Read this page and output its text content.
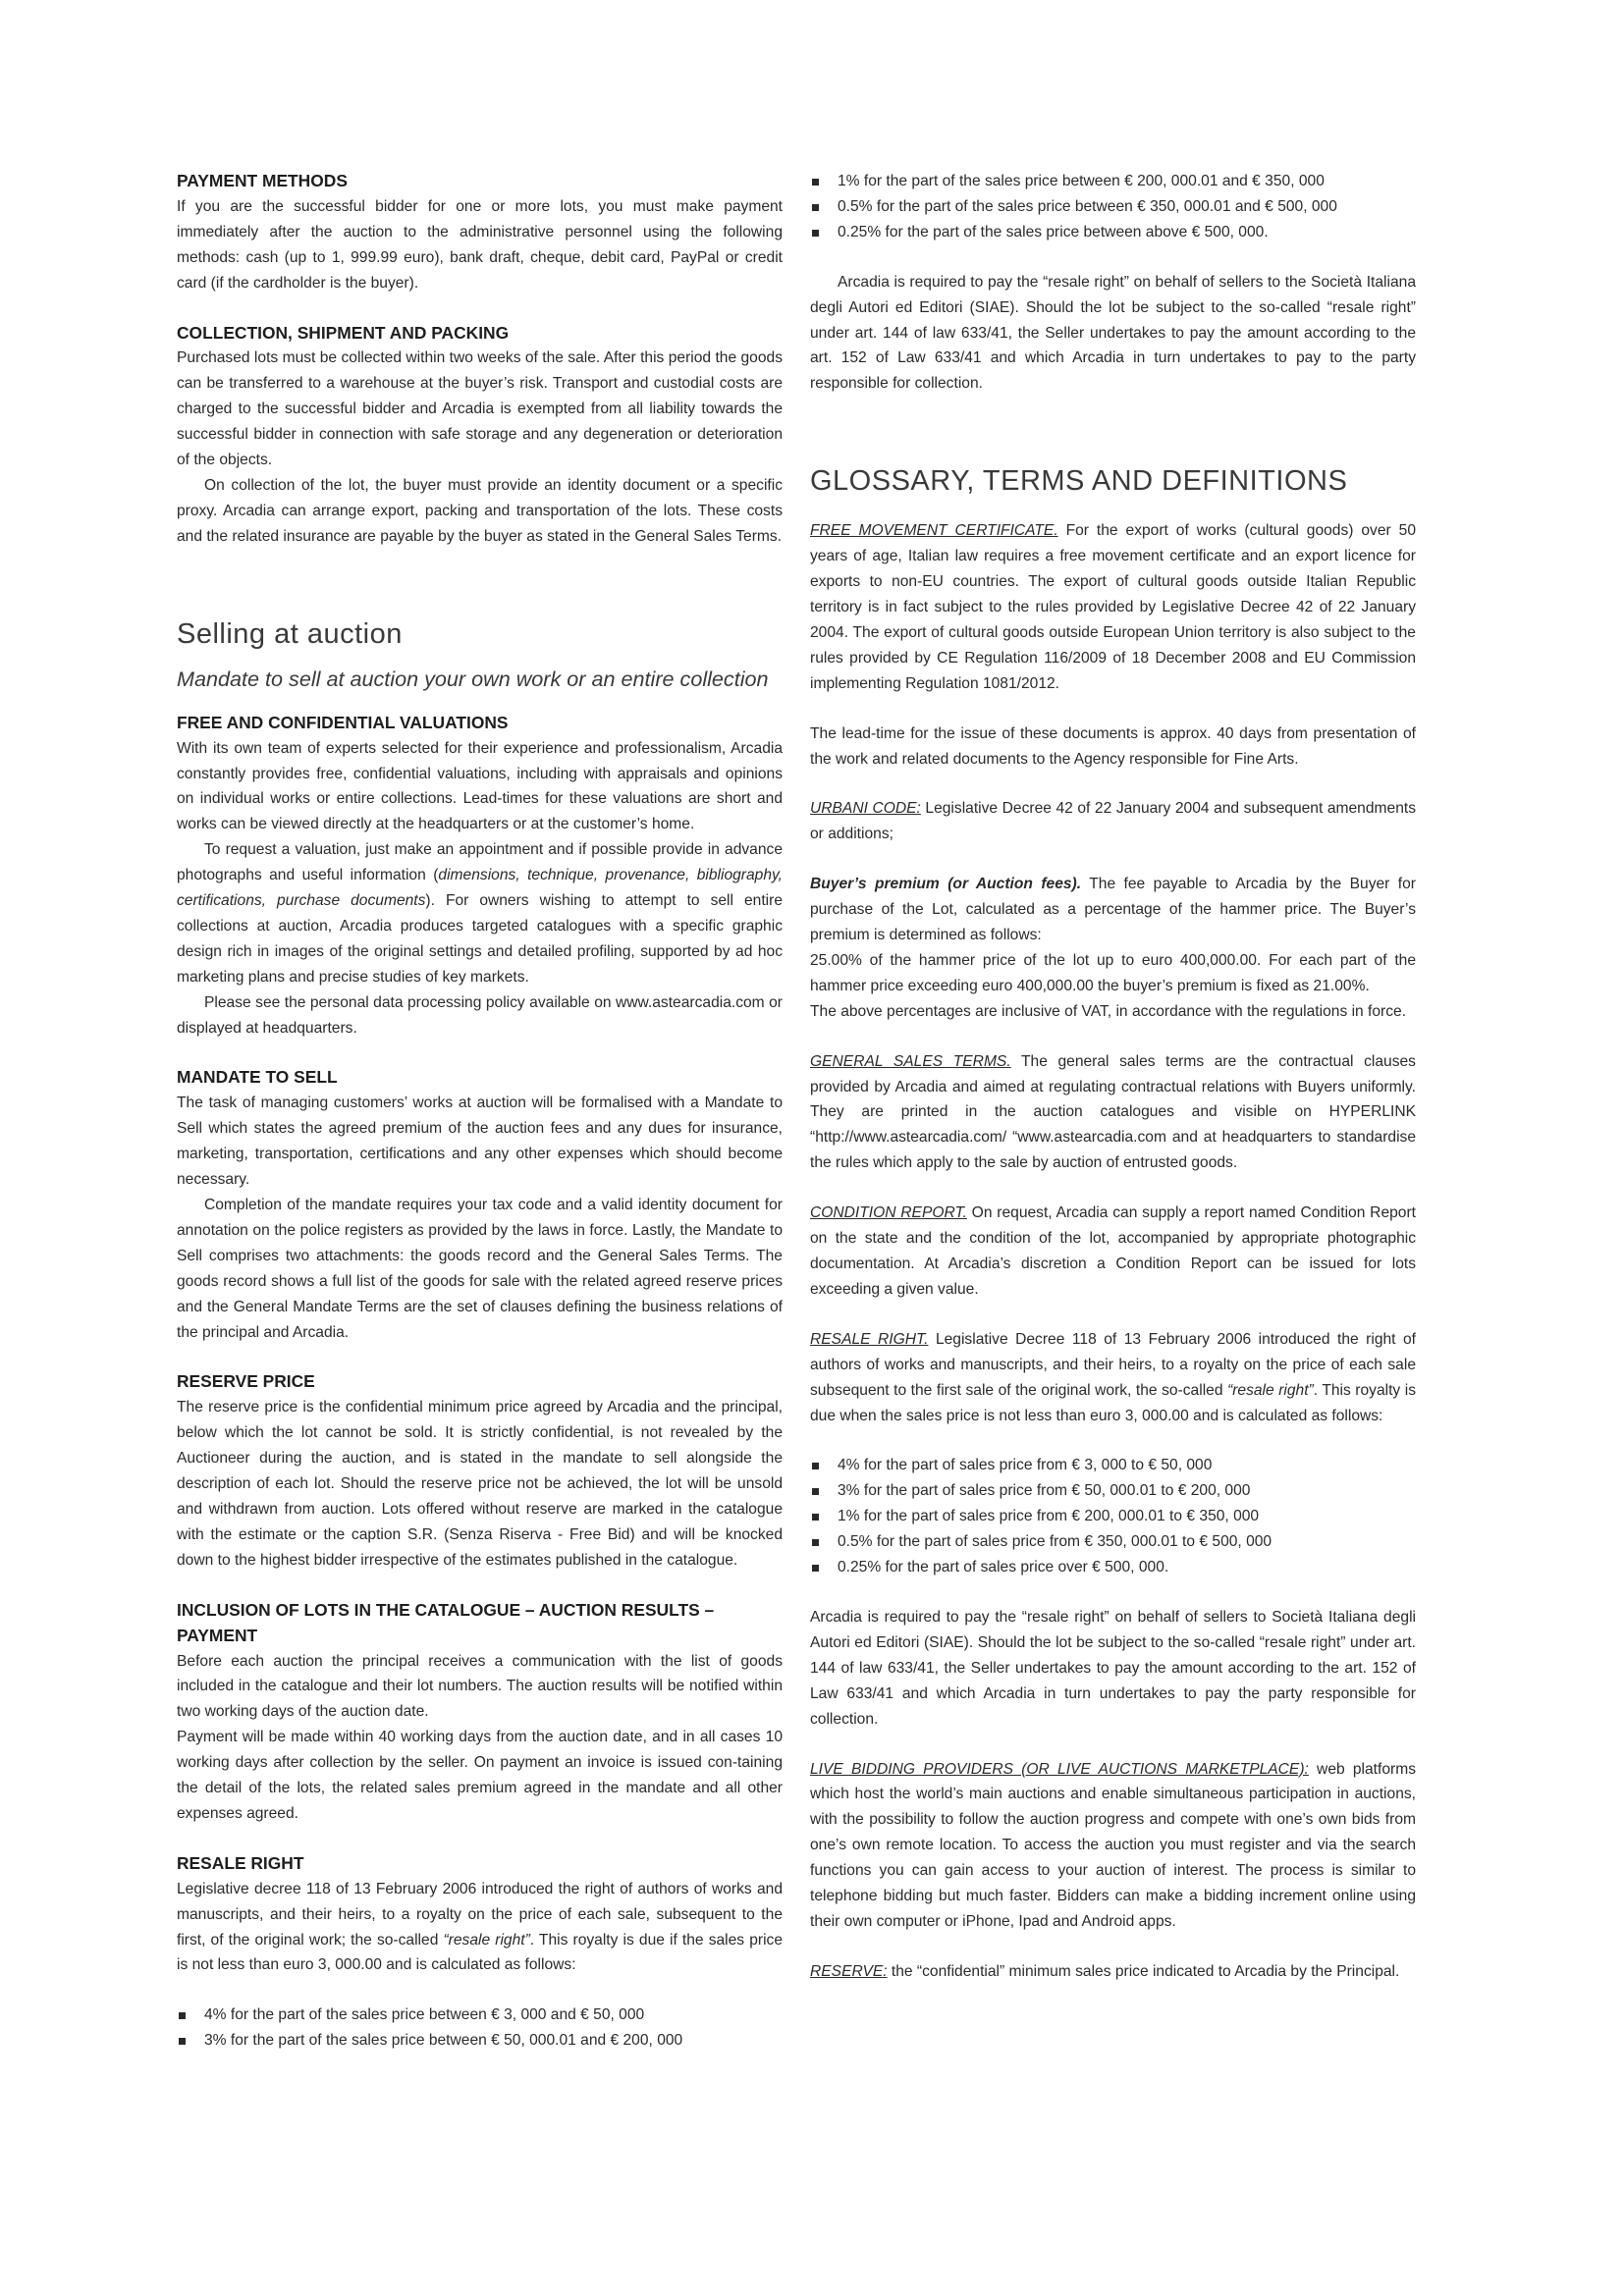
PAYMENT METHODS

If you are the successful bidder for one or more lots, you must make payment immediately after the auction to the administrative personnel using the following methods: cash (up to 1, 999.99 euro), bank draft, cheque, debit card, PayPal or credit card (if the cardholder is the buyer).

COLLECTION, SHIPMENT AND PACKING

Purchased lots must be collected within two weeks of the sale. After this period the goods can be transferred to a warehouse at the buyer’s risk. Transport and custodial costs are charged to the successful bidder and Arcadia is exempted from all liability towards the successful bidder in connection with safe storage and any degeneration or deterioration of the objects.

On collection of the lot, the buyer must provide an identity document or a specific proxy. Arcadia can arrange export, packing and transportation of the lots. These costs and the related insurance are payable by the buyer as stated in the General Sales Terms.

Selling at auction

Mandate to sell at auction your own work or an entire collection

FREE AND CONFIDENTIAL VALUATIONS

With its own team of experts selected for their experience and professionalism, Arcadia constantly provides free, confidential valuations, including with appraisals and opinions on individual works or entire collections. Lead-times for these valuations are short and works can be viewed directly at the headquarters or at the customer’s home.

To request a valuation, just make an appointment and if possible provide in advance photographs and useful information (dimensions, technique, provenance, bibliography, certifications, purchase documents). For owners wishing to attempt to sell entire collections at auction, Arcadia produces targeted catalogues with a specific graphic design rich in images of the original settings and detailed profiling, supported by ad hoc marketing plans and precise studies of key markets.

Please see the personal data processing policy available on www.astearcadia.com or displayed at headquarters.

MANDATE TO SELL

The task of managing customers’ works at auction will be formalised with a Mandate to Sell which states the agreed premium of the auction fees and any dues for insurance, marketing, transportation, certifications and any other expenses which should become necessary.

Completion of the mandate requires your tax code and a valid identity document for annotation on the police registers as provided by the laws in force. Lastly, the Mandate to Sell comprises two attachments: the goods record and the General Sales Terms. The goods record shows a full list of the goods for sale with the related agreed reserve prices and the General Mandate Terms are the set of clauses defining the business relations of the principal and Arcadia.

RESERVE PRICE

The reserve price is the confidential minimum price agreed by Arcadia and the principal, below which the lot cannot be sold. It is strictly confidential, is not revealed by the Auctioneer during the auction, and is stated in the mandate to sell alongside the description of each lot. Should the reserve price not be achieved, the lot will be unsold and withdrawn from auction. Lots offered without reserve are marked in the catalogue with the estimate or the caption S.R. (Senza Riserva - Free Bid) and will be knocked down to the highest bidder irrespective of the estimates published in the catalogue.

INCLUSION OF LOTS IN THE CATALOGUE – AUCTION RESULTS – PAYMENT

Before each auction the principal receives a communication with the list of goods included in the catalogue and their lot numbers. The auction results will be notified within two working days of the auction date.

Payment will be made within 40 working days from the auction date, and in all cases 10 working days after collection by the seller. On payment an invoice is issued con-taining the detail of the lots, the related sales premium agreed in the mandate and all other expenses agreed.

RESALE RIGHT

Legislative decree 118 of 13 February 2006 introduced the right of authors of works and manuscripts, and their heirs, to a royalty on the price of each sale, subsequent to the first, of the original work; the so-called “resale right”. This royalty is due if the sales price is not less than euro 3, 000.00 and is calculated as follows:

4% for the part of the sales price between € 3, 000 and € 50, 000
3% for the part of the sales price between € 50, 000.01 and € 200, 000
1% for the part of the sales price between € 200, 000.01 and € 350, 000
0.5% for the part of the sales price between € 350, 000.01 and € 500, 000
0.25% for the part of the sales price between above € 500, 000.

Arcadia is required to pay the “resale right” on behalf of sellers to the Società Italiana degli Autori ed Editori (SIAE). Should the lot be subject to the so-called “resale right” under art. 144 of law 633/41, the Seller undertakes to pay the amount according to the art. 152 of Law 633/41 and which Arcadia in turn undertakes to pay to the party responsible for collection.

GLOSSARY, TERMS AND DEFINITIONS

FREE MOVEMENT CERTIFICATE. For the export of works (cultural goods) over 50 years of age, Italian law requires a free movement certificate and an export licence for exports to non-EU countries. The export of cultural goods outside Italian Republic territory is in fact subject to the rules provided by Legislative Decree 42 of 22 January 2004. The export of cultural goods outside European Union territory is also subject to the rules provided by CE Regulation 116/2009 of 18 December 2008 and EU Commission implementing Regulation 1081/2012.

The lead-time for the issue of these documents is approx. 40 days from presentation of the work and related documents to the Agency responsible for Fine Arts.

URBANI CODE: Legislative Decree 42 of 22 January 2004 and subsequent amendments or additions;

Buyer’s premium (or Auction fees). The fee payable to Arcadia by the Buyer for purchase of the Lot, calculated as a percentage of the hammer price. The Buyer’s premium is determined as follows:

25.00% of the hammer price of the lot up to euro 400,000.00. For each part of the hammer price exceeding euro 400,000.00 the buyer’s premium is fixed as 21.00%.

The above percentages are inclusive of VAT, in accordance with the regulations in force.

GENERAL SALES TERMS. The general sales terms are the contractual clauses provided by Arcadia and aimed at regulating contractual relations with Buyers uniformly. They are printed in the auction catalogues and visible on HYPERLINK “http://www.astearcadia.com/ “www.astearcadia.com and at headquarters to standardise the rules which apply to the sale by auction of entrusted goods.

CONDITION REPORT. On request, Arcadia can supply a report named Condition Report on the state and the condition of the lot, accompanied by appropriate photographic documentation. At Arcadia’s discretion a Condition Report can be issued for lots exceeding a given value.

RESALE RIGHT. Legislative Decree 118 of 13 February 2006 introduced the right of authors of works and manuscripts, and their heirs, to a royalty on the price of each sale subsequent to the first sale of the original work, the so-called “resale right”. This royalty is due when the sales price is not less than euro 3, 000.00 and is calculated as follows:

4% for the part of sales price from € 3, 000 to € 50, 000
3% for the part of sales price from € 50, 000.01 to € 200, 000
1% for the part of sales price from € 200, 000.01 to € 350, 000
0.5% for the part of sales price from € 350, 000.01 to € 500, 000
0.25% for the part of sales price over € 500, 000.

Arcadia is required to pay the “resale right” on behalf of sellers to Società Italiana degli Autori ed Editori (SIAE). Should the lot be subject to the so-called “resale right” under art. 144 of law 633/41, the Seller undertakes to pay the amount according to the art. 152 of Law 633/41 and which Arcadia in turn undertakes to pay the party responsible for collection.

LIVE BIDDING PROVIDERS (OR LIVE AUCTIONS MARKETPLACE): web platforms which host the world’s main auctions and enable simultaneous participation in auctions, with the possibility to follow the auction progress and compete with one’s own bids from one’s own remote location. To access the auction you must register and via the search functions you can gain access to your auction of interest. The process is similar to telephone bidding but much faster. Bidders can make a bidding increment online using their own computer or iPhone, Ipad and Android apps.

RESERVE: the “confidential” minimum sales price indicated to Arcadia by the Principal.
